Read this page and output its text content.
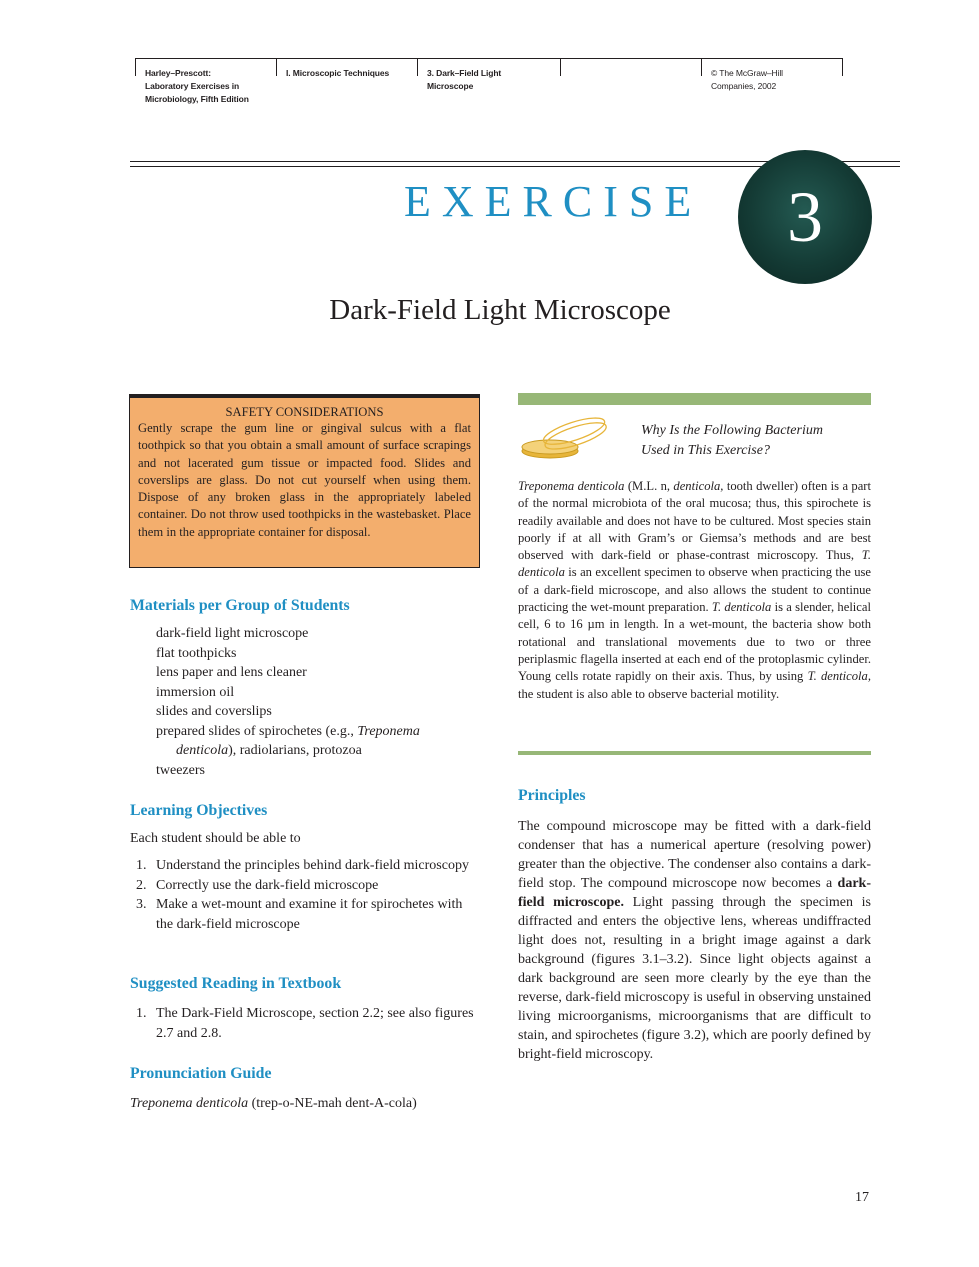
Harley–Prescott:
Laboratory Exercises in
Microbiology, Fifth Edition
I. Microscopic Techniques	3. Dark–Field Light
Microscope
© The McGraw–Hill
Companies, 2002
EXERCISE	3
Dark-Field Light Microscope
SAFETY CONSIDERATIONS
Gently scrape the gum line or gingival sulcus with a flat toothpick so that you obtain a small amount of surface scrapings and not lacerated gum tissue or impacted food. Slides and coverslips are glass. Do not cut yourself when using them. Dispose of any broken glass in the appropriately labeled container. Do not throw used toothpicks in the wastebasket. Place them in the appropriate container for disposal.
Materials per Group of Students
dark-field light microscope
flat toothpicks
lens paper and lens cleaner
immersion oil
slides and coverslips
prepared slides of spirochetes (e.g., Treponema denticola), radiolarians, protozoa
tweezers
Learning Objectives
Each student should be able to
1. Understand the principles behind dark-field microscopy
2. Correctly use the dark-field microscope
3. Make a wet-mount and examine it for spirochetes with the dark-field microscope
Suggested Reading in Textbook
1. The Dark-Field Microscope, section 2.2; see also figures 2.7 and 2.8.
Pronunciation Guide
Treponema denticola (trep-o-NE-mah dent-A-cola)
Why Is the Following Bacterium
Used in This Exercise?
Treponema denticola (M.L. n, denticola, tooth dweller) often is a part of the normal microbiota of the oral mucosa; thus, this spirochete is readily available and does not have to be cultured. Most species stain poorly if at all with Gram’s or Giemsa’s methods and are best observed with dark-field or phase-contrast microscopy. Thus, T. denticola is an excellent specimen to observe when practicing the use of a dark-field microscope, and also allows the student to continue practicing the wet-mount preparation. T. denticola is a slender, helical cell, 6 to 16 µm in length. In a wet-mount, the bacteria show both rotational and translational movements due to two or three periplasmic flagella inserted at each end of the protoplasmic cylinder. Young cells rotate rapidly on their axis. Thus, by using T. denticola, the student is also able to observe bacterial motility.
Principles
The compound microscope may be fitted with a dark-field condenser that has a numerical aperture (resolving power) greater than the objective. The condenser also contains a dark-field stop. The compound microscope now becomes a dark-field microscope. Light passing through the specimen is diffracted and enters the objective lens, whereas undiffracted light does not, resulting in a bright image against a dark background (figures 3.1–3.2). Since light objects against a dark background are seen more clearly by the eye than the reverse, dark-field microscopy is useful in observing unstained living microorganisms, microorganisms that are difficult to stain, and spirochetes (figure 3.2), which are poorly defined by bright-field microscopy.
17
